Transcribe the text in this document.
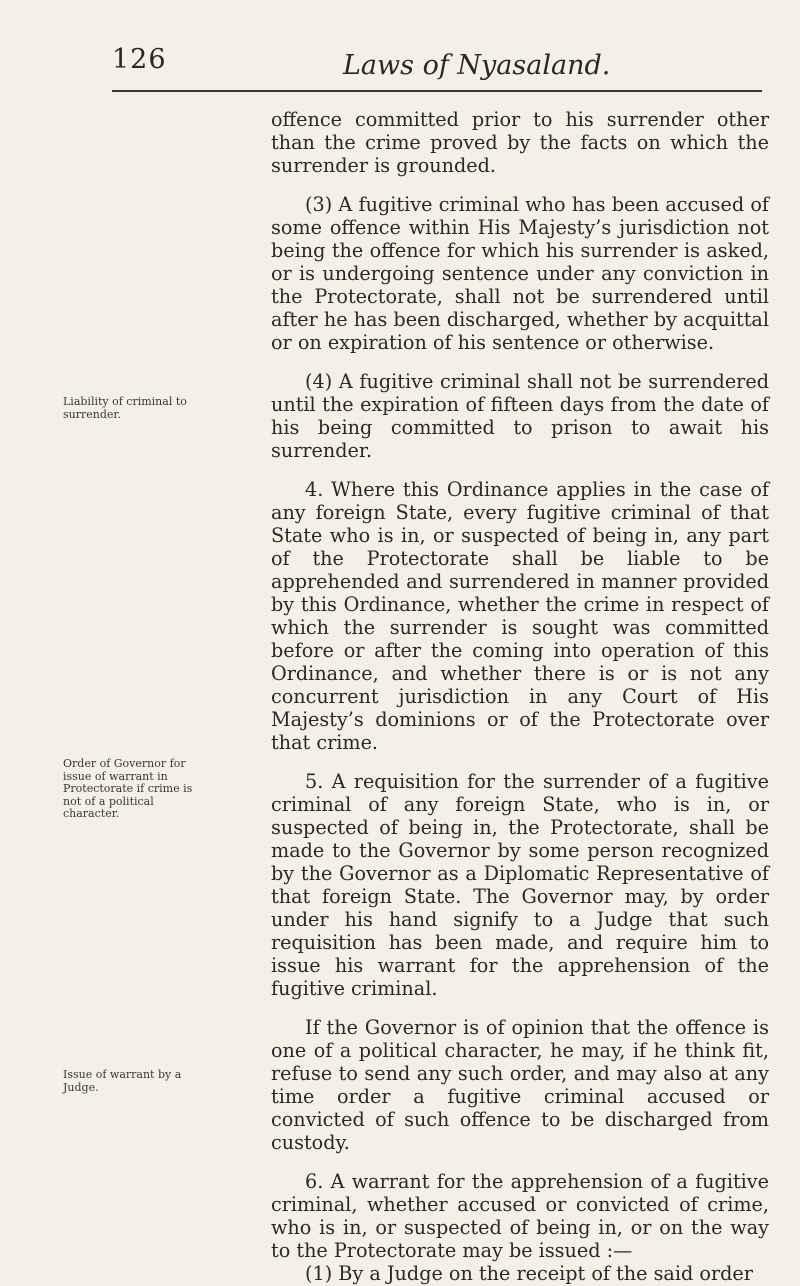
126	Laws of Nyasaland.
Liability of criminal to surrender.
Order of Governor for issue of warrant in Protectorate if crime is not of a political character.
Issue of warrant by a Judge.

offence committed prior to his surrender other than the crime proved by the facts on which the surrender is grounded.

(3) A fugitive criminal who has been accused of some offence within His Majesty’s jurisdiction not being the offence for which his surrender is asked, or is undergoing sentence under any conviction in the Protectorate, shall not be surrendered until after he has been discharged, whether by acquittal or on expiration of his sentence or otherwise.

(4) A fugitive criminal shall not be surrendered until the expiration of fifteen days from the date of his being committed to prison to await his surrender.

4. Where this Ordinance applies in the case of any foreign State, every fugitive criminal of that State who is in, or suspected of being in, any part of the Protectorate shall be liable to be apprehended and surrendered in manner provided by this Ordinance, whether the crime in respect of which the surrender is sought was committed before or after the coming into operation of this Ordinance, and whether there is or is not any concurrent jurisdiction in any Court of His Majesty’s dominions or of the Protectorate over that crime.

5. A requisition for the surrender of a fugitive criminal of any foreign State, who is in, or suspected of being in, the Protectorate, shall be made to the Governor by some person recognized by the Governor as a Diplomatic Representative of that foreign State. The Governor may, by order under his hand signify to a Judge that such requisition has been made, and require him to issue his warrant for the apprehension of the fugitive criminal.

If the Governor is of opinion that the offence is one of a political character, he may, if he think fit, refuse to send any such order, and may also at any time order a fugitive criminal accused or convicted of such offence to be discharged from custody.

6. A warrant for the apprehension of a fugitive criminal, whether accused or convicted of crime, who is in, or suspected of being in, or on the way to the Protectorate may be issued :—

(1) By a Judge on the receipt of the said order
